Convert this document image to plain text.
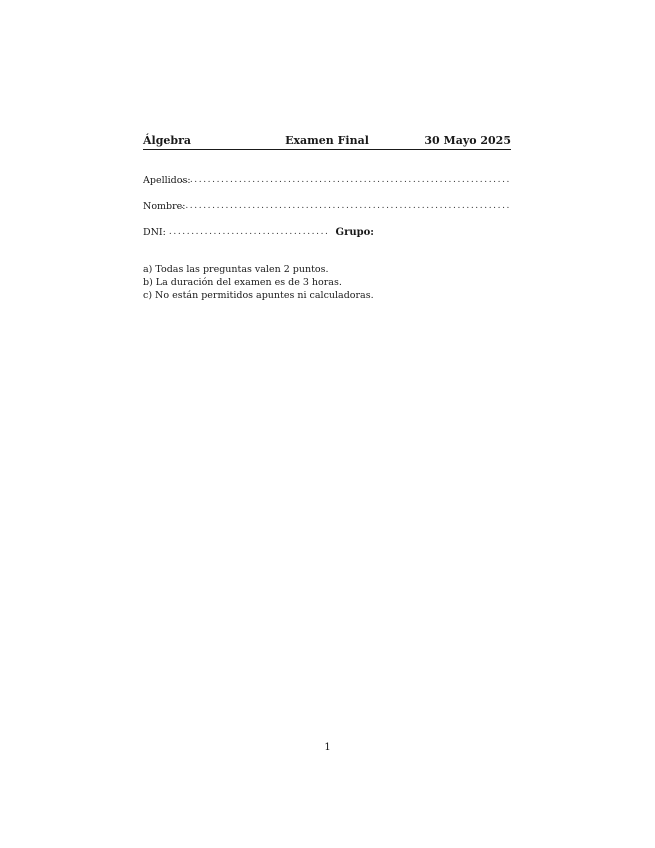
Álgebra	Examen Final	30 Mayo 2025
Apellidos:
...........................................................................
Nombre:
............................................................................
DNI: .................................... Grupo:
a) Todas las preguntas valen 2 puntos.
b) La duración del examen es de 3 horas.
c) No están permitidos apuntes ni calculadoras.
1
